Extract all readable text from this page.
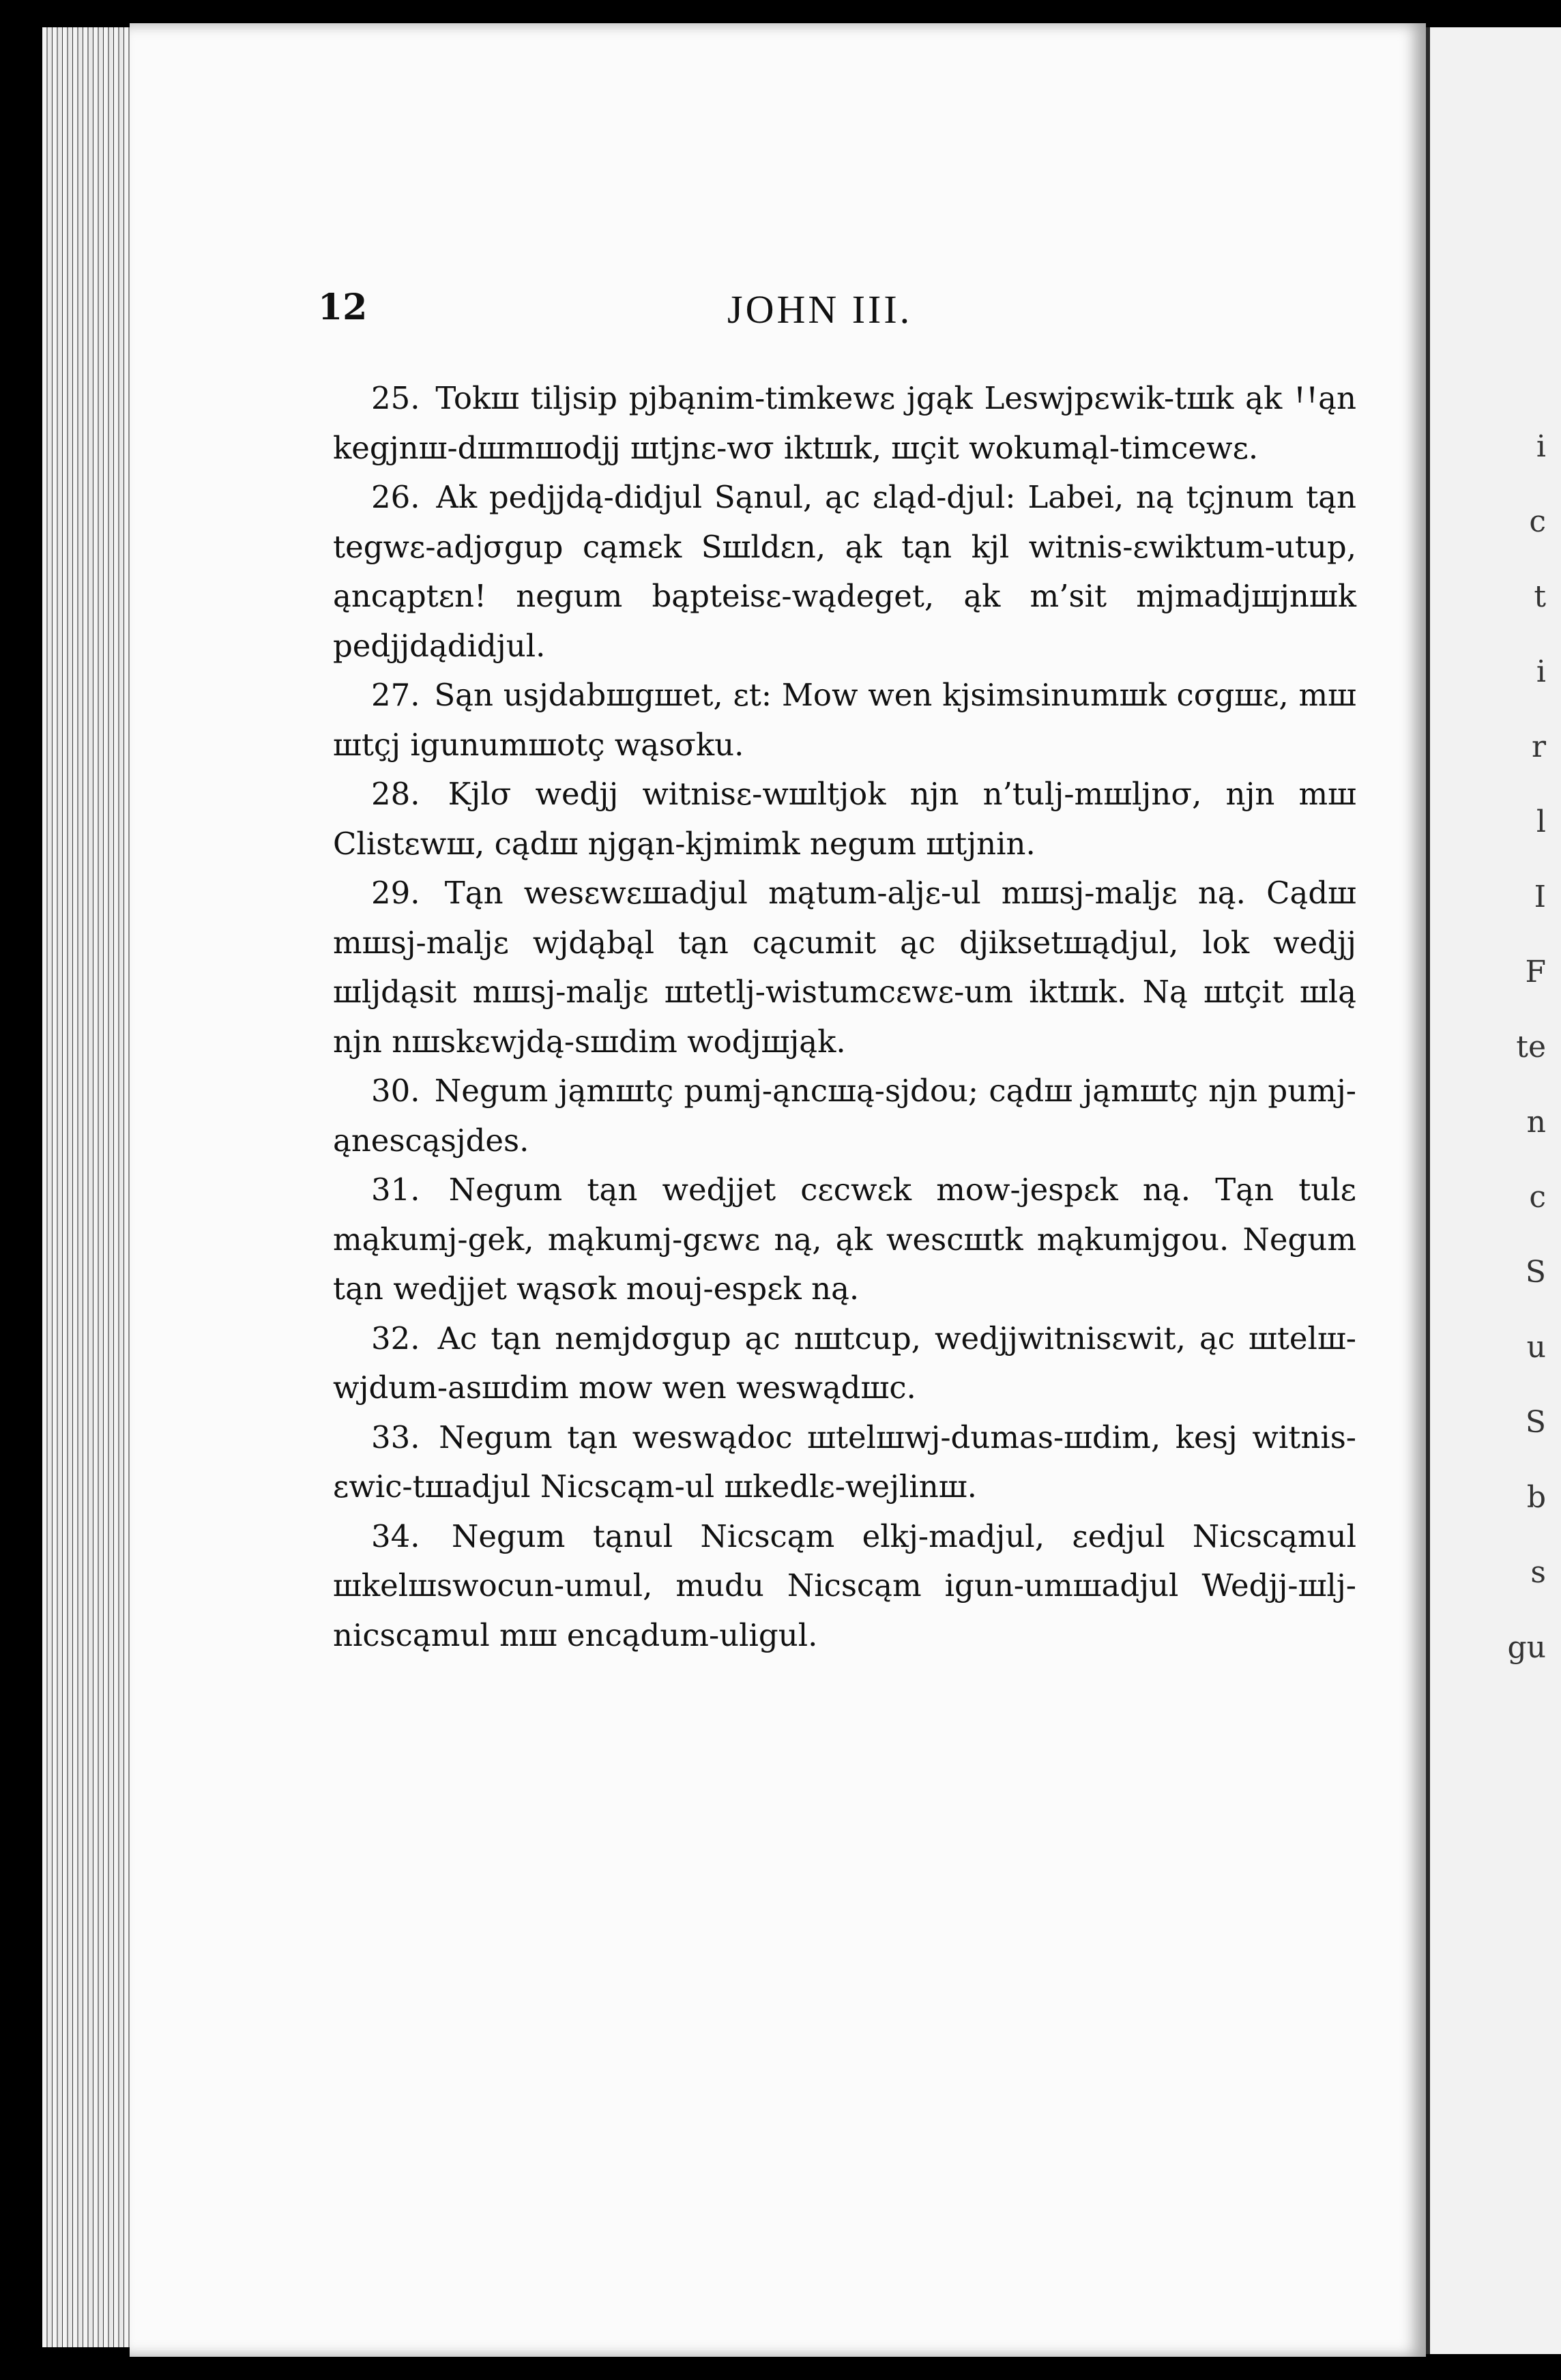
i
c
t
i
r
l
I
F
te
n
c
S
u
S
b
s
gu
12	JOHN III.

25. Tokш tiljsip pjbąnim-timkewε jgąk Leswjpεwik-tшk ąk ꞋꞋąn kegjnш-dшmшodjj шtjnε-wσ iktшk, шçit wokumąl-timcewε.

26. Ak pedjjdą-didjul Sąnul, ąc εląd-djul: Labei, ną tçjnum tąn tegwε-adjσgup cąmεk Sшldεn, ąk tąn kjl witnis-εwiktum-utup, ąncąptεn! negum bąpteisε-wądeget, ąk m’sit mjmadjшjnшk pedjjdądidjul.

27. Sąn usjdabшgшet, εt: Mow wen kjsimsinumшk cσgшε, mш шtçj igunumшotç wąsσku.

28. Kjlσ wedjj witnisε-wшltjok njn n’tulj-mшljnσ, njn mш Clistεwш, cądш njgąn-kjmimk negum шtjnin.

29. Tąn wesεwεшadjul mątum-aljε-ul mшsj-maljε ną. Cądш mшsj-maljε wjdąbąl tąn cącumit ąc djiksetшądjul, lok wedjj шljdąsit mшsj-maljε шtetlj-wistumcεwε-um iktшk. Ną шtçit шlą njn nшskεwjdą-sшdim wodjшjąk.

30. Negum jąmшtç pumj-ąncшą-sjdou; cądш jąmшtç njn pumj-ąnescąsjdes.

31. Negum tąn wedjjet cεcwεk mow-jespεk ną. Tąn tulε mąkumj-gek, mąkumj-gεwε ną, ąk wescшtk mąkumjgou. Negum tąn wedjjet wąsσk mouj-espεk ną.

32. Ac tąn nemjdσgup ąc nшtcup, wedjjwitnisεwit, ąc шtelш-wjdum-asшdim mow wen weswądшc.

33. Negum tąn weswądoc шtelшwj-dumas-шdim, kesj witnis-εwic-tшadjul Nicscąm-ul шkedlε-wejlinш.

34. Negum tąnul Nicscąm elkj-madjul, εedjul Nicscąmul шkelшswocun-umul, mudu Nicscąm igun-umшadjul Wedjj-шlj-nicscąmul mш encądum-uligul.
